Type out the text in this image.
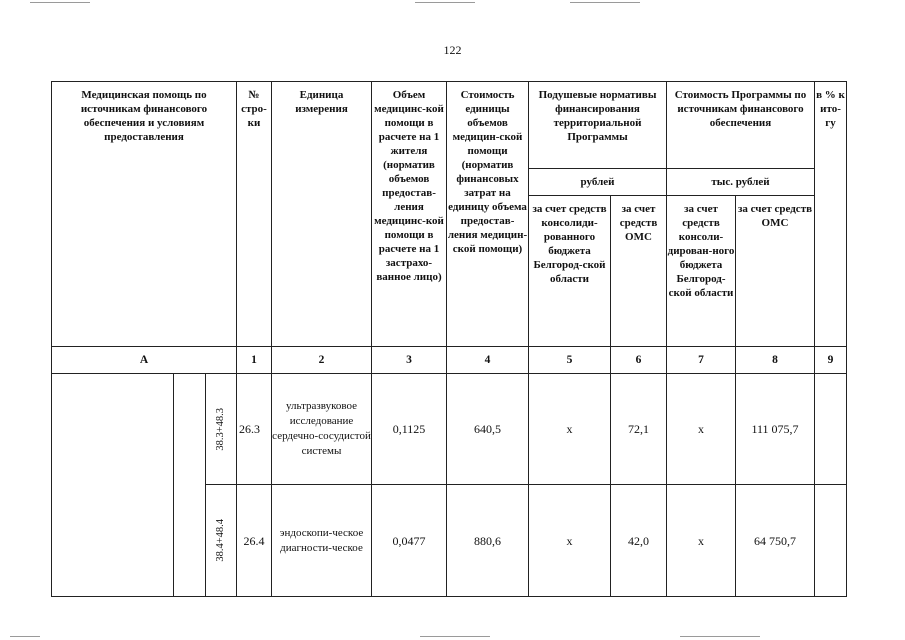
122
Медицинская помощь по источникам финансового обеспечения и условиям предоставления			№ стро-ки	Единица измерения	Объем медицинс-кой помощи в расчете на 1 жителя (норматив объемов предостав-ления медицинс-кой помощи в расчете на 1 застрахо-ванное лицо)	Стоимость единицы объемов медицин-ской помощи (норматив финансовых затрат на единицу объема предостав-ления медицин-ской помощи)	Подушевые нормативы финансирования территориальной Программы		Стоимость Программы по источникам финансового обеспечения		в % к ито-гу
							рублей		тыс. рублей		
							за счет средств консолиди-рованного бюджета Белгород-ской области	за счет средств ОМС	за счет средств консоли-дирован-ного бюджета Белгород-ской области	за счет средств ОМС	
А			1	2	3	4	5	6	7	8	9

		38.3+48.3	26.3	ультразвуковое исследование сердечно-сосудистой системы	0,1125	640,5	х	72,1	х	111 075,7	

		38.4+48.4	26.4	эндоскопи-ческое диагности-ческое	0,0477	880,6	х	42,0	х	64 750,7	
